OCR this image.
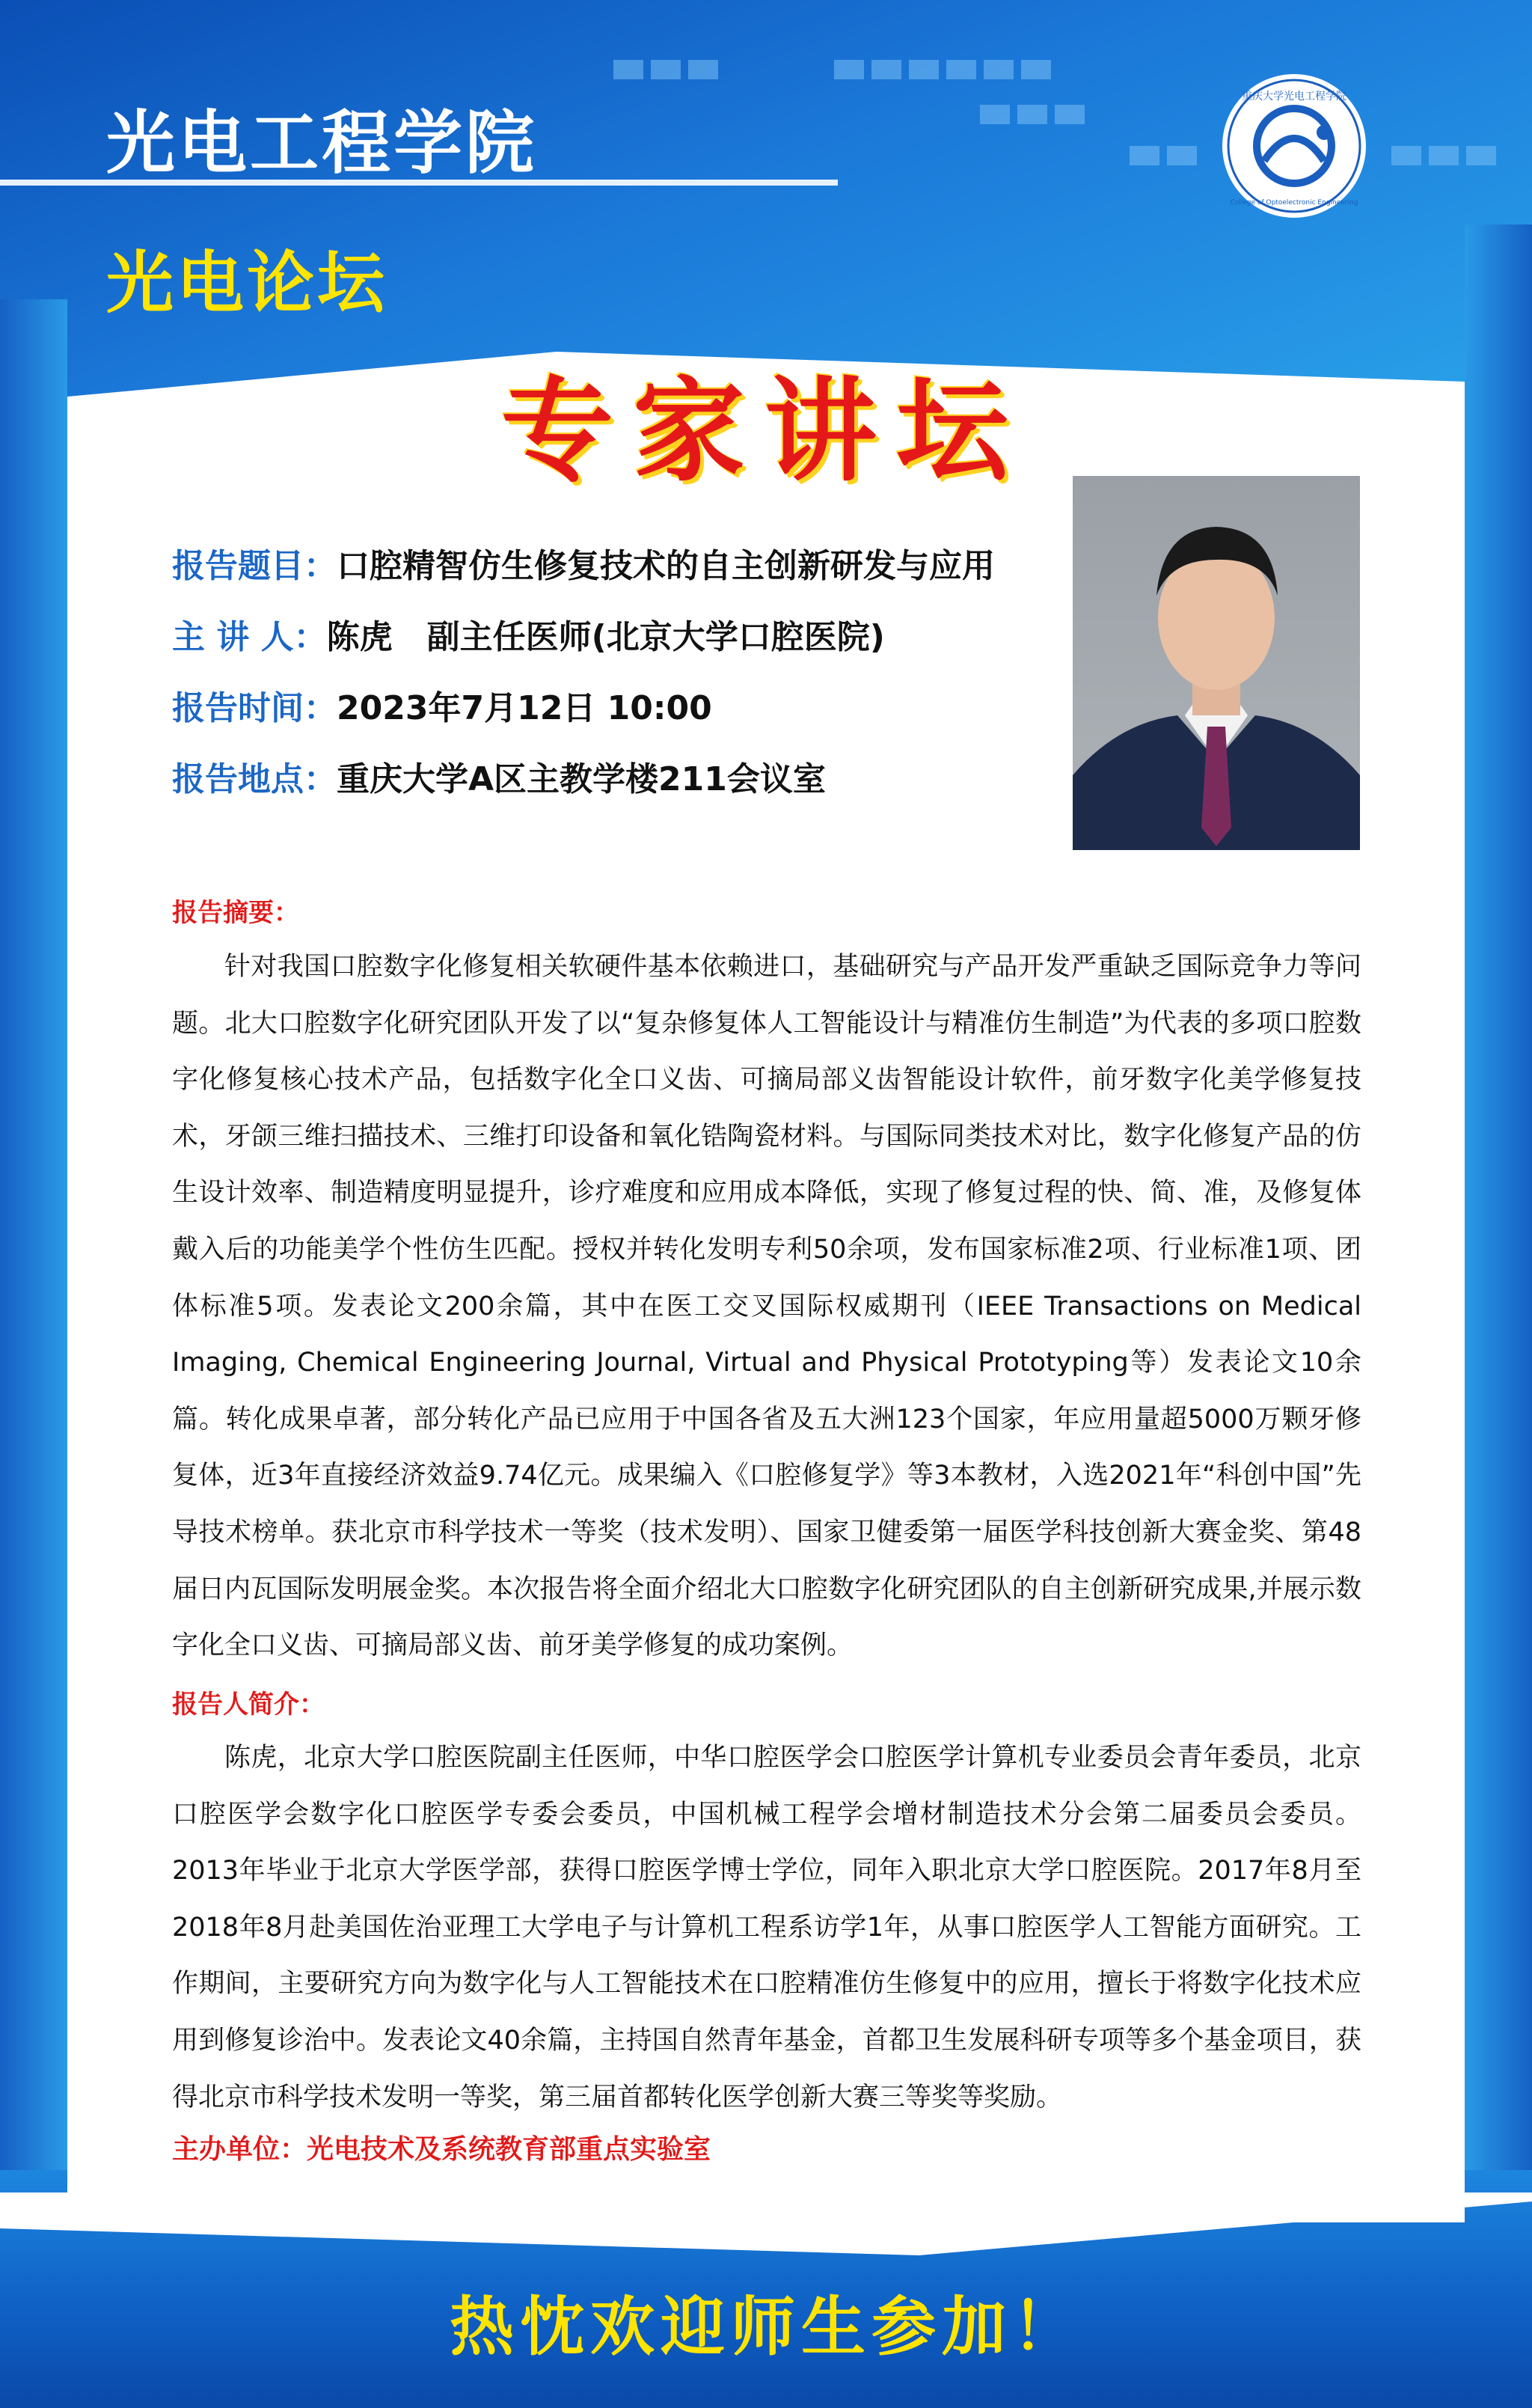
光电工程学院
光电论坛
重庆大学光电工程学院
College of Optoelectronic Engineering
专家讲坛
报告题目：口腔精智仿生修复技术的自主创新研发与应用
主 讲 人：陈虎   副主任医师(北京大学口腔医院)
报告时间：2023年7月12日 10:00
报告地点：重庆大学A区主教学楼211会议室
报告摘要：

针对我国口腔数字化修复相关软硬件基本依赖进口，基础研究与产品开发严重缺乏国际竞争力等问题。北大口腔数字化研究团队开发了以“复杂修复体人工智能设计与精准仿生制造”为代表的多项口腔数字化修复核心技术产品，包括数字化全口义齿、可摘局部义齿智能设计软件，前牙数字化美学修复技术，牙颌三维扫描技术、三维打印设备和氧化锆陶瓷材料。与国际同类技术对比，数字化修复产品的仿生设计效率、制造精度明显提升，诊疗难度和应用成本降低，实现了修复过程的快、简、准，及修复体戴入后的功能美学个性仿生匹配。授权并转化发明专利50余项，发布国家标准2项、行业标准1项、团体标准5项。发表论文200余篇，其中在医工交叉国际权威期刊（IEEE Transactions on Medical Imaging, Chemical Engineering Journal, Virtual and Physical Prototyping等）发表论文10余篇。转化成果卓著，部分转化产品已应用于中国各省及五大洲123个国家，年应用量超5000万颗牙修复体，近3年直接经济效益9.74亿元。成果编入《口腔修复学》等3本教材，入选2021年“科创中国”先导技术榜单。获北京市科学技术一等奖（技术发明）、国家卫健委第一届医学科技创新大赛金奖、第48届日内瓦国际发明展金奖。本次报告将全面介绍北大口腔数字化研究团队的自主创新研究成果,并展示数字化全口义齿、可摘局部义齿、前牙美学修复的成功案例。

报告人简介：

陈虎，北京大学口腔医院副主任医师，中华口腔医学会口腔医学计算机专业委员会青年委员，北京口腔医学会数字化口腔医学专委会委员，中国机械工程学会增材制造技术分会第二届委员会委员。2013年毕业于北京大学医学部，获得口腔医学博士学位，同年入职北京大学口腔医院。2017年8月至2018年8月赴美国佐治亚理工大学电子与计算机工程系访学1年，从事口腔医学人工智能方面研究。工作期间，主要研究方向为数字化与人工智能技术在口腔精准仿生修复中的应用，擅长于将数字化技术应用到修复诊治中。发表论文40余篇，主持国自然青年基金，首都卫生发展科研专项等多个基金项目，获得北京市科学技术发明一等奖，第三届首都转化医学创新大赛三等奖等奖励。

主办单位：光电技术及系统教育部重点实验室
热忱欢迎师生参加！
